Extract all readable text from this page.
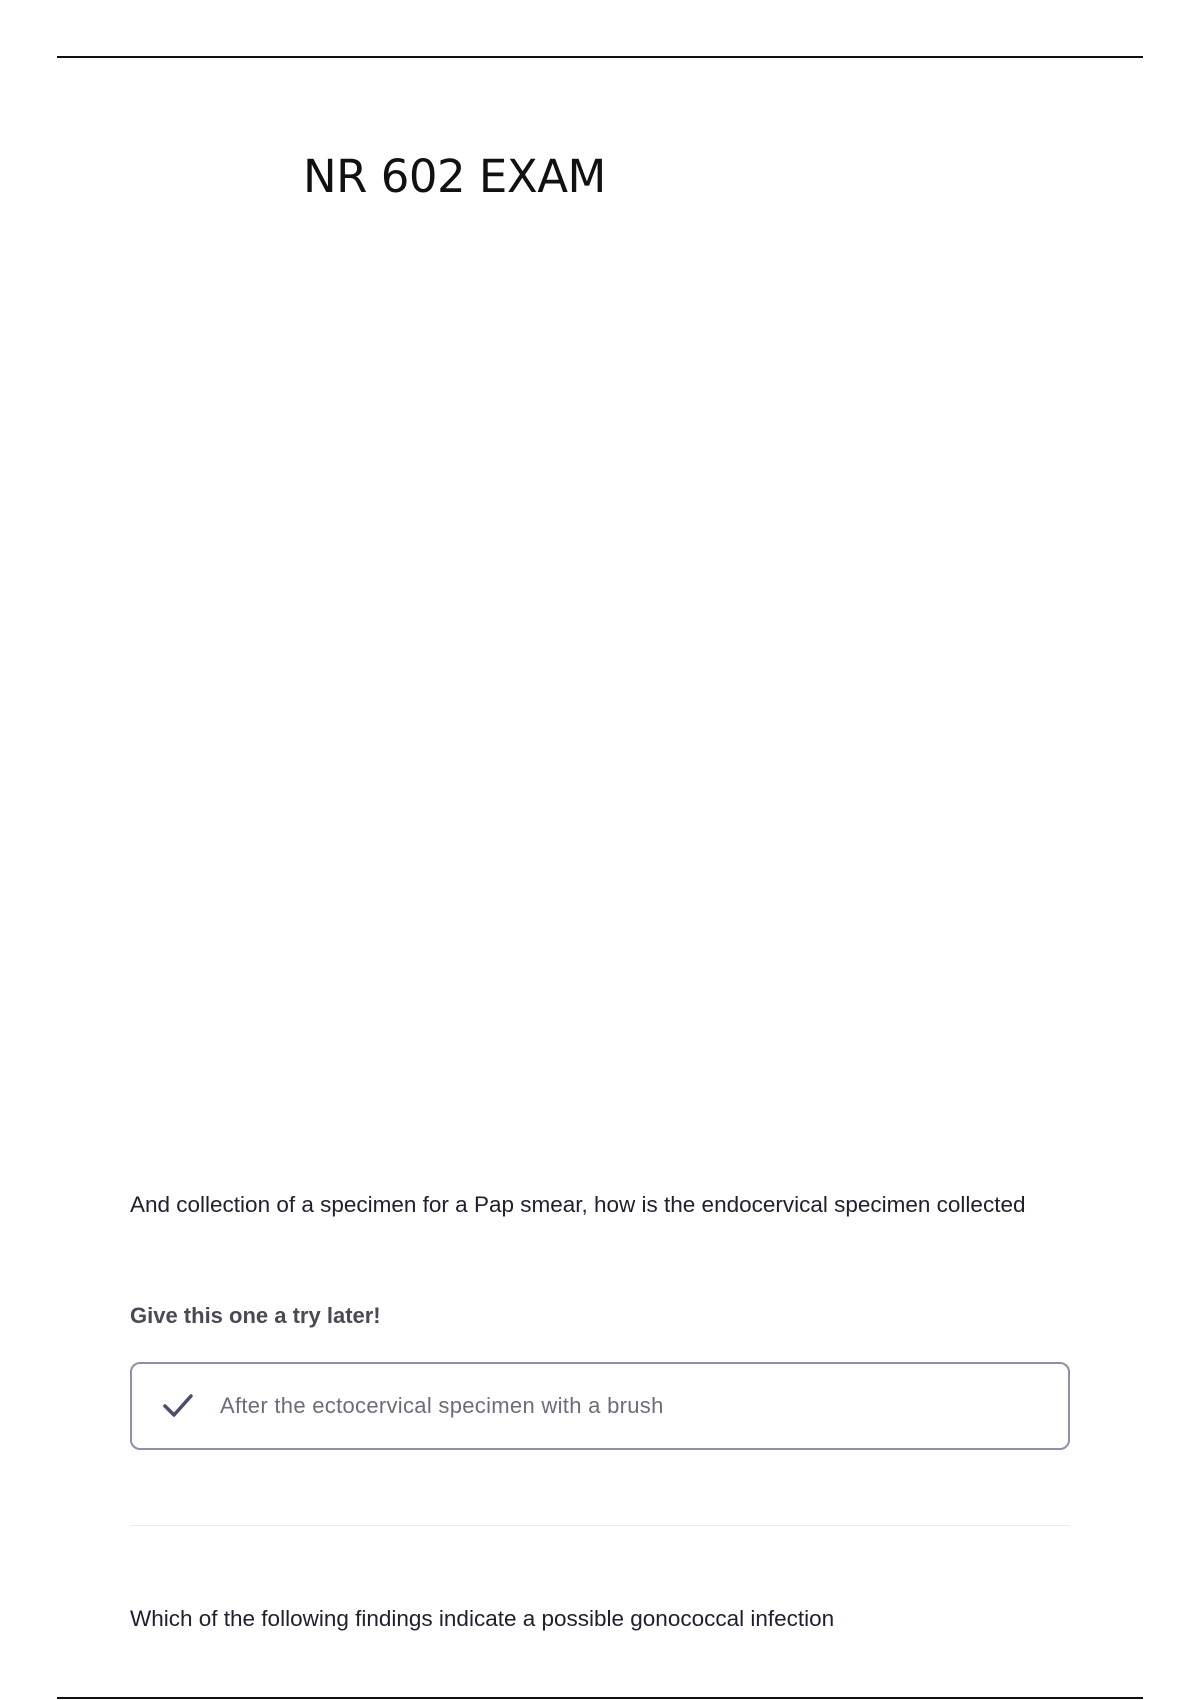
NR 602 EXAM

And collection of a specimen for a Pap smear, how is the endocervical specimen collected

Give this one a try later!

After the ectocervical specimen with a brush

Which of the following findings indicate a possible gonococcal infection
